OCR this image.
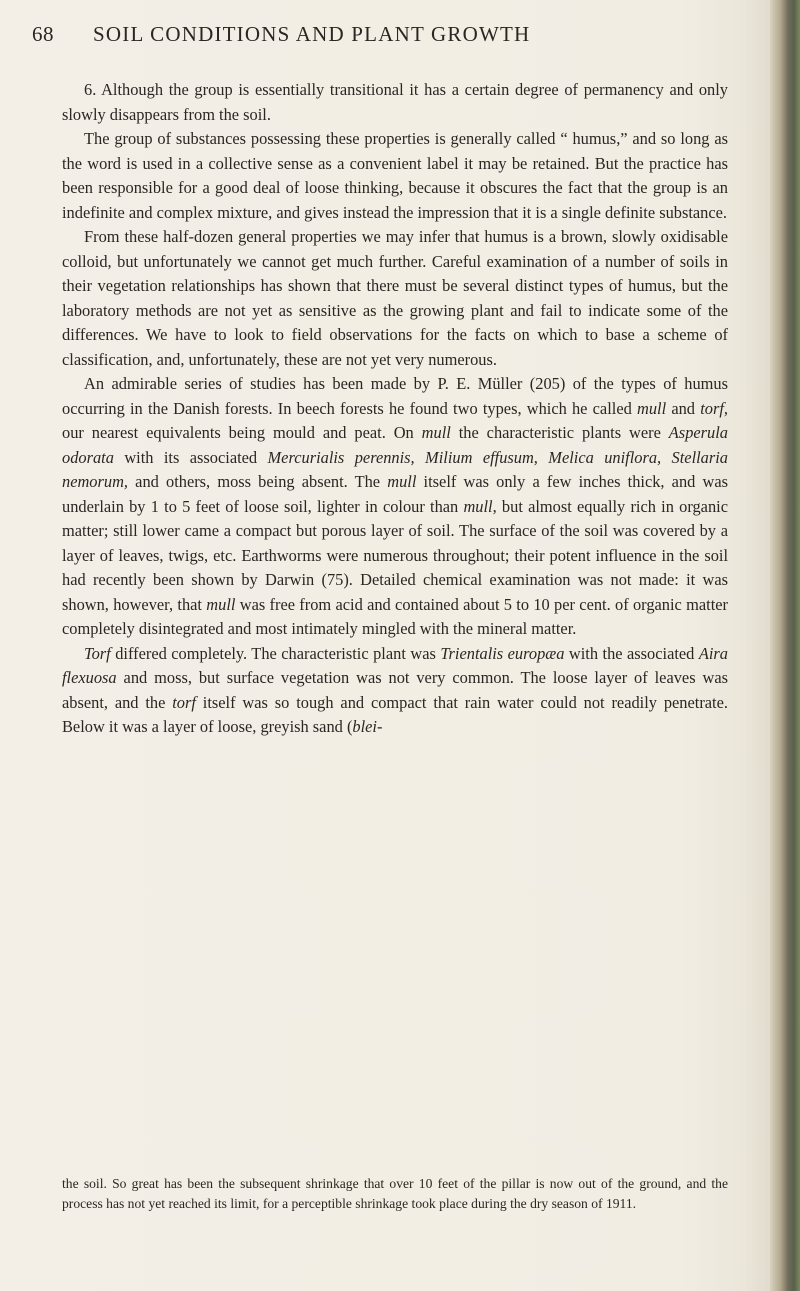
68 SOIL CONDITIONS AND PLANT GROWTH

6. Although the group is essentially transitional it has a certain degree of permanency and only slowly disappears from the soil.

The group of substances possessing these properties is generally called “ humus,” and so long as the word is used in a collective sense as a convenient label it may be retained. But the practice has been responsible for a good deal of loose thinking, because it obscures the fact that the group is an indefinite and complex mixture, and gives instead the impression that it is a single definite substance.

From these half-dozen general properties we may infer that humus is a brown, slowly oxidisable colloid, but unfortunately we cannot get much further. Careful examination of a number of soils in their vegetation relationships has shown that there must be several distinct types of humus, but the laboratory methods are not yet as sensitive as the growing plant and fail to indicate some of the differences. We have to look to field observations for the facts on which to base a scheme of classification, and, unfortunately, these are not yet very numerous.

An admirable series of studies has been made by P. E. Müller (205) of the types of humus occurring in the Danish forests. In beech forests he found two types, which he called mull and torf, our nearest equivalents being mould and peat. On mull the characteristic plants were Asperula odorata with its associated Mercurialis perennis, Milium effusum, Melica uniflora, Stellaria nemorum, and others, moss being absent. The mull itself was only a few inches thick, and was underlain by 1 to 5 feet of loose soil, lighter in colour than mull, but almost equally rich in organic matter; still lower came a compact but porous layer of soil. The surface of the soil was covered by a layer of leaves, twigs, etc. Earthworms were numerous throughout; their potent influence in the soil had recently been shown by Darwin (75). Detailed chemical examination was not made: it was shown, however, that mull was free from acid and contained about 5 to 10 per cent. of organic matter completely disintegrated and most intimately mingled with the mineral matter.

Torf differed completely. The characteristic plant was Trientalis europæa with the associated Aira flexuosa and moss, but surface vegetation was not very common. The loose layer of leaves was absent, and the torf itself was so tough and compact that rain water could not readily penetrate. Below it was a layer of loose, greyish sand (blei-

the soil. So great has been the subsequent shrinkage that over 10 feet of the pillar is now out of the ground, and the process has not yet reached its limit, for a perceptible shrinkage took place during the dry season of 1911.
